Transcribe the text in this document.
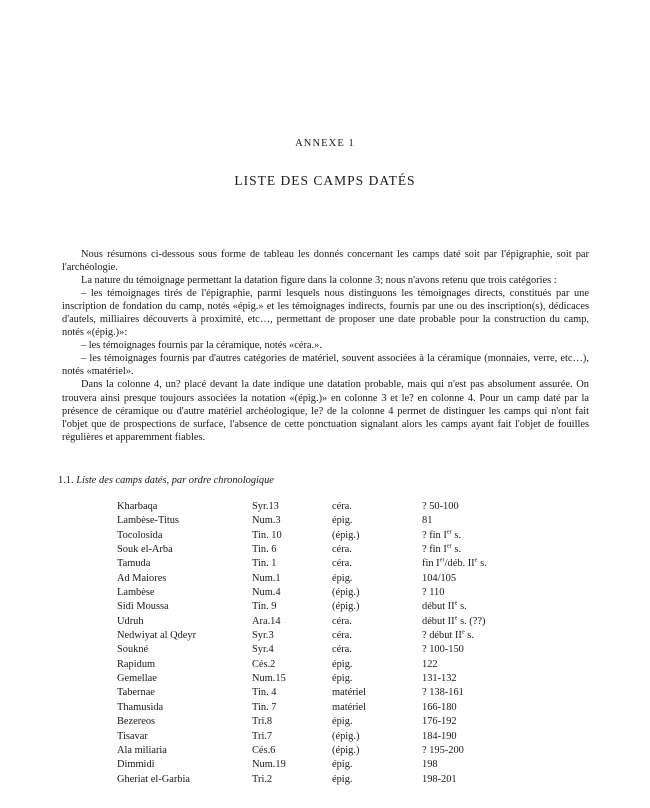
ANNEXE 1
LISTE DES CAMPS DATÉS

Nous résumons ci-dessous sous forme de tableau les donnés concernant les camps daté soit par l'épigraphie, soit par l'archéologie.

La nature du témoignage permettant la datation figure dans la colonne 3; nous n'avons retenu que trois catégories :

– les témoignages tirés de l'épigraphie, parmi lesquels nous distinguons les témoignages directs, constitués par une inscription de fondation du camp, notés «épig.» et les témoignages indirects, fournis par une ou des inscription(s), dédicaces d'autels, milliaires découverts à proximité, etc…, permettant de proposer une date probable pour la construction du camp, notés «(épig.)»:

– les témoignages fournis par la céramique, notés «céra.».

– les témoignages fournis par d'autres catégories de matériel, souvent associées à la céramique (monnaies, verre, etc…), notés «matériel».

Dans la colonne 4, un? placé devant la date indique une datation probable, mais qui n'est pas absolument assurée. On trouvera ainsi presque toujours associées la notation «(épig.)» en colonne 3 et le? en colonne 4. Pour un camp daté par la présence de céramique ou d'autre matériel archéologique, le? de la colonne 4 permet de distinguer les camps qui n'ont fait l'objet que de prospections de surface, l'absence de cette ponctuation signalant alors les camps ayant fait l'objet de fouilles régulières et apparemment fiables.

1.1. Liste des camps datés, par ordre chronologique
Kharbaqa	Syr.13	céra.	? 50-100
Lambèse-Titus	Num.3	épig.	81
Tocolosida	Tin. 10	(épig.)	? fin Ier s.
Souk el-Arba	Tin. 6	céra.	? fin Ier s.
Tamuda	Tin. 1	céra.	fin Ier/déb. IIe s.
Ad Maiores	Num.1	épig.	104/105
Lambèse	Num.4	(épig.)	? 110
Sidi Moussa	Tin. 9	(épig.)	début IIe s.
Udruh	Ara.14	céra.	début IIe s. (??)
Nedwiyat al Qdeyr	Syr.3	céra.	? début IIe s.
Soukné	Syr.4	céra.	? 100-150
Rapidum	Cés.2	épig.	122
Gemellae	Num.15	épig.	131-132
Tabernae	Tin. 4	matériel	? 138-161
Thamusida	Tin. 7	matériel	166-180
Bezereos	Tri.8	épig.	176-192
Tisavar	Tri.7	(épig.)	184-190
Ala miliaria	Cés.6	(épig.)	? 195-200
Dimmidi	Num.19	épig.	198
Gheriat el-Garbia	Tri.2	épig.	198-201
